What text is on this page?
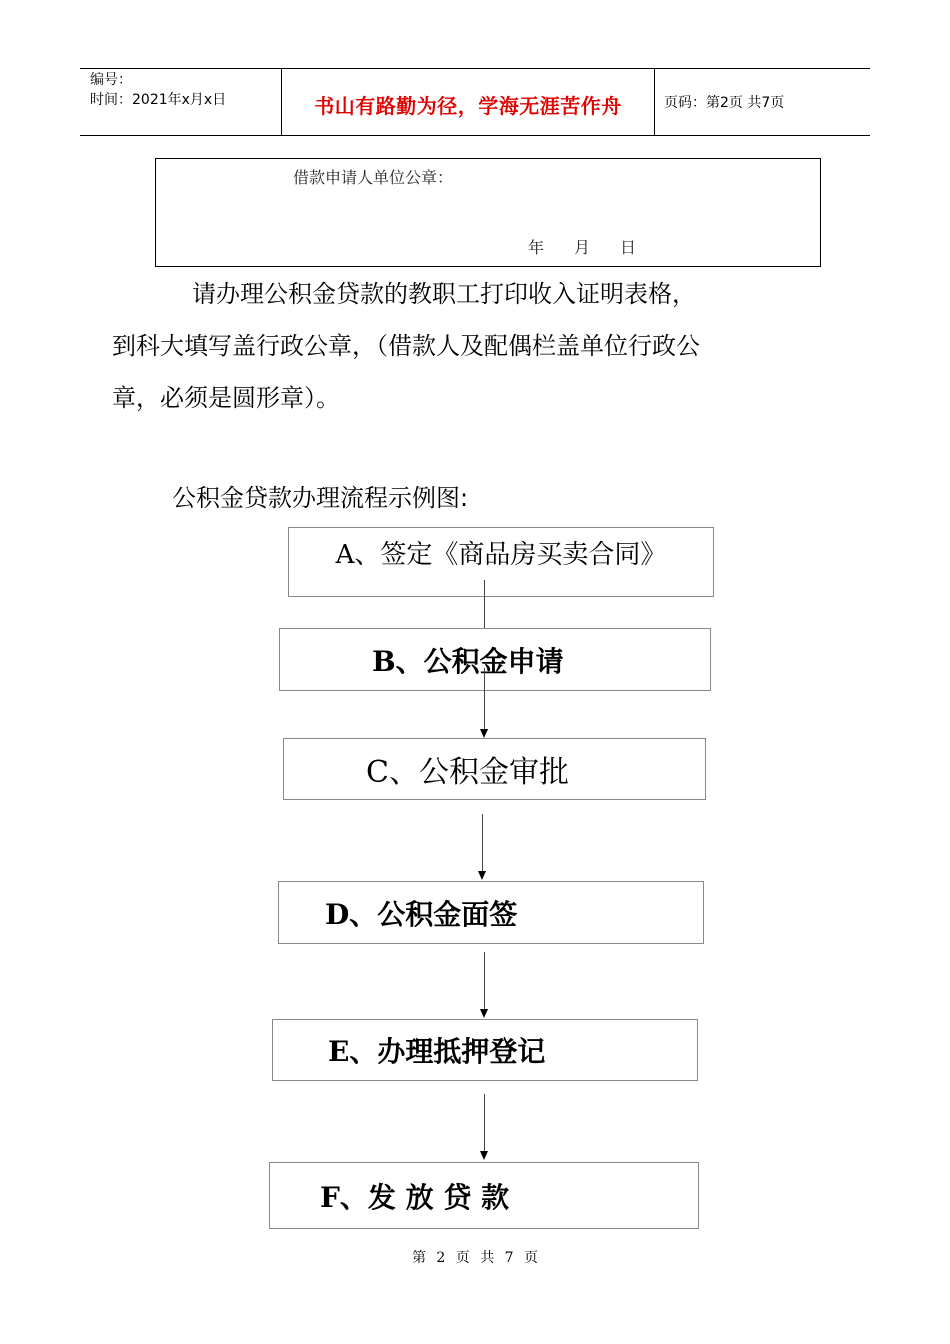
编号：
时间：2021年x月x日	书山有路勤为径，学海无涯苦作舟	页码：第2页 共7页
借款申请人单位公章：
年 月 日
请办理公积金贷款的教职工打印收入证明表格，
到科大填写盖行政公章，（借款人及配偶栏盖单位行政公
章，必须是圆形章）。
公积金贷款办理流程示例图:
A、签定《商品房买卖合同》
B、公积金申请
C、公积金审批
D、公积金面签
E、办理抵押登记
F、发 放 贷 款
第 2 页 共 7 页
